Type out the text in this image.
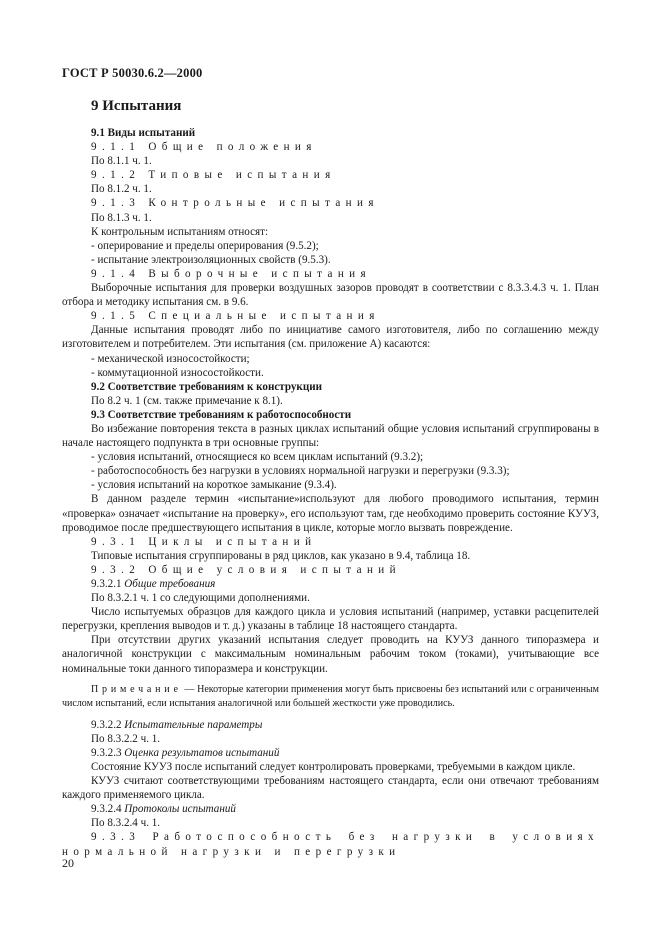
ГОСТ Р 50030.6.2—2000
9 Испытания

9.1 Виды испытаний

9.1.1 Общие положения

По 8.1.1 ч. 1.

9.1.2 Типовые испытания

По 8.1.2 ч. 1.

9.1.3 Контрольные испытания

По 8.1.3 ч. 1.

К контрольным испытаниям относят:

- оперирование и пределы оперирования (9.5.2);

- испытание электроизоляционных свойств (9.5.3).

9.1.4 Выборочные испытания

Выборочные испытания для проверки воздушных зазоров проводят в соответствии с 8.3.3.4.3 ч. 1. План отбора и методику испытания см. в 9.6.

9.1.5 Специальные испытания

Данные испытания проводят либо по инициативе самого изготовителя, либо по соглашению между изготовителем и потребителем. Эти испытания (см. приложение А) касаются:

- механической износостойкости;

- коммутационной износостойкости.

9.2 Соответствие требованиям к конструкции

По 8.2 ч. 1 (см. также примечание к 8.1).

9.3 Соответствие требованиям к работоспособности

Во избежание повторения текста в разных циклах испытаний общие условия испытаний сгруппированы в начале настоящего подпункта в три основные группы:

- условия испытаний, относящиеся ко всем циклам испытаний (9.3.2);

- работоспособность без нагрузки в условиях нормальной нагрузки и перегрузки (9.3.3);

- условия испытаний на короткое замыкание (9.3.4).

В данном разделе термин «испытание»используют для любого проводимого испытания, термин «проверка» означает «испытание на проверку», его используют там, где необходимо проверить состояние КУУЗ, проводимое после предшествующего испытания в цикле, которые могло вызвать повреждение.

9.3.1 Циклы испытаний

Типовые испытания сгруппированы в ряд циклов, как указано в 9.4, таблица 18.

9.3.2 Общие условия испытаний

9.3.2.1 Общие требования

По 8.3.2.1 ч. 1 со следующими дополнениями.

Число испытуемых образцов для каждого цикла и условия испытаний (например, уставки расцепителей перегрузки, крепления выводов и т. д.) указаны в таблице 18 настоящего стандарта.

При отсутствии других указаний испытания следует проводить на КУУЗ данного типоразмера и аналогичной конструкции с максимальным номинальным рабочим током (токами), учитывающие все номинальные токи данного типоразмера и конструкции.

Примечание — Некоторые категории применения могут быть присвоены без испытаний или с ограниченным числом испытаний, если испытания аналогичной или большей жесткости уже проводились.

9.3.2.2 Испытательные параметры

По 8.3.2.2 ч. 1.

9.3.2.3 Оценка результатов испытаний

Состояние КУУЗ после испытаний следует контролировать проверками, требуемыми в каждом цикле.

КУУЗ считают соответствующими требованиям настоящего стандарта, если они отвечают требованиям каждого применяемого цикла.

9.3.2.4 Протоколы испытаний

По 8.3.2.4 ч. 1.

9.3.3 Работоспособность без нагрузки в условиях нормальной нагрузки и перегрузки

20
